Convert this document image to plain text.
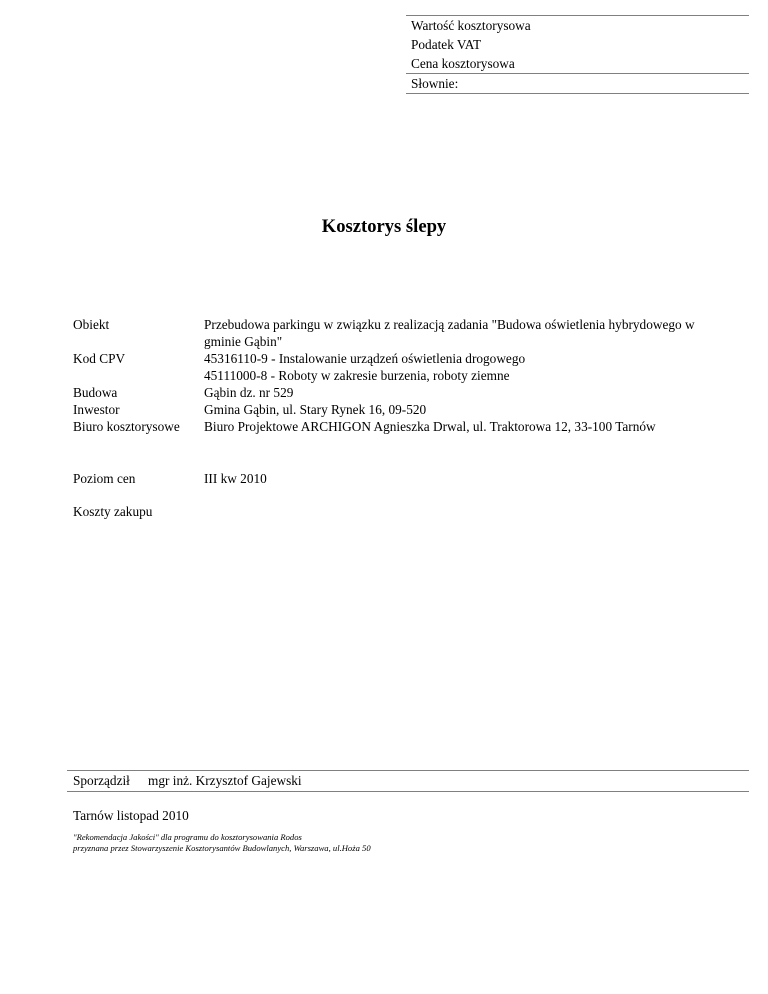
Wartość kosztorysowa
Podatek VAT
Cena kosztorysowa
Słownie:
Kosztorys ślepy
Obiekt	Przebudowa parkingu w związku z realizacją zadania "Budowa oświetlenia hybrydowego w
gminie Gąbin"
Kod CPV	45316110-9 - Instalowanie urządzeń oświetlenia drogowego
45111000-8 - Roboty w zakresie burzenia, roboty ziemne
Budowa	Gąbin dz. nr 529
Inwestor	Gmina Gąbin, ul. Stary Rynek 16, 09-520
Biuro kosztorysowe	Biuro Projektowe ARCHIGON Agnieszka Drwal, ul. Traktorowa 12, 33-100 Tarnów
Poziom cen	III kw 2010
Koszty zakupu
Sporządził	mgr inż. Krzysztof Gajewski
Tarnów listopad 2010
"Rekomendacja Jakości" dla programu do kosztorysowania Rodos
przyznana przez Stowarzyszenie Kosztorysantów Budowlanych, Warszawa, ul.Hoża 50
